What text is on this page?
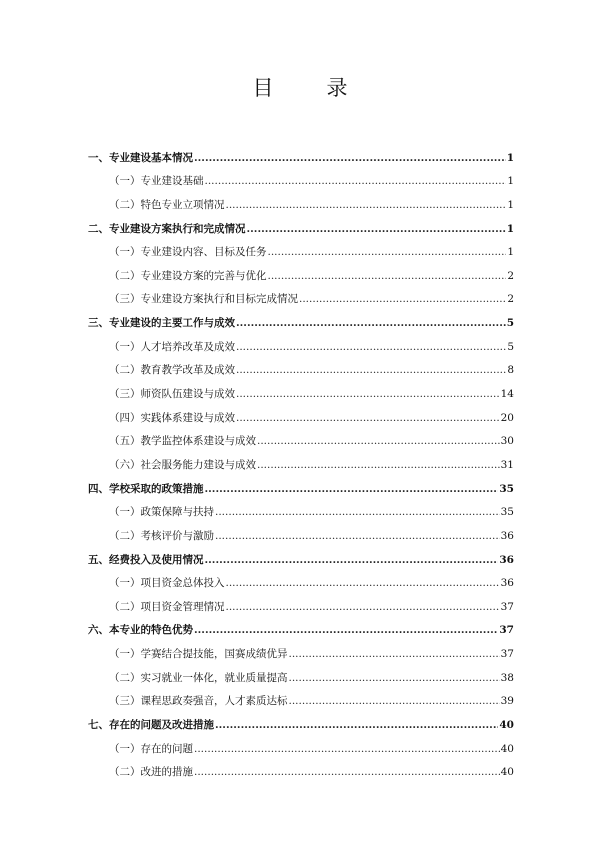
目　录
一、专业建设基本情况 .....	1
（一）专业建设基础 .....	1
（二）特色专业立项情况 .....	1
二、专业建设方案执行和完成情况 .....	1
（一）专业建设内容、目标及任务 .....	1
（二）专业建设方案的完善与优化 .....	2
（三）专业建设方案执行和目标完成情况 .....	2
三、专业建设的主要工作与成效 .....	5
（一）人才培养改革及成效 .....	5
（二）教育教学改革及成效 .....	8
（三）师资队伍建设与成效 .....	14
（四）实践体系建设与成效 .....	20
（五）教学监控体系建设与成效 .....	30
（六）社会服务能力建设与成效 .....	31
四、学校采取的政策措施 .....	35
（一）政策保障与扶持 .....	35
（二）考核评价与激励 .....	36
五、经费投入及使用情况 .....	36
（一）项目资金总体投入 .....	36
（二）项目资金管理情况 .....	37
六、本专业的特色优势 .....	37
（一）学赛结合提技能，国赛成绩优异 .....	37
（二）实习就业一体化，就业质量提高 .....	38
（三）课程思政奏强音，人才素质达标 .....	39
七、存在的问题及改进措施 .....	40
（一）存在的问题 .....	40
（二）改进的措施 .....	40
